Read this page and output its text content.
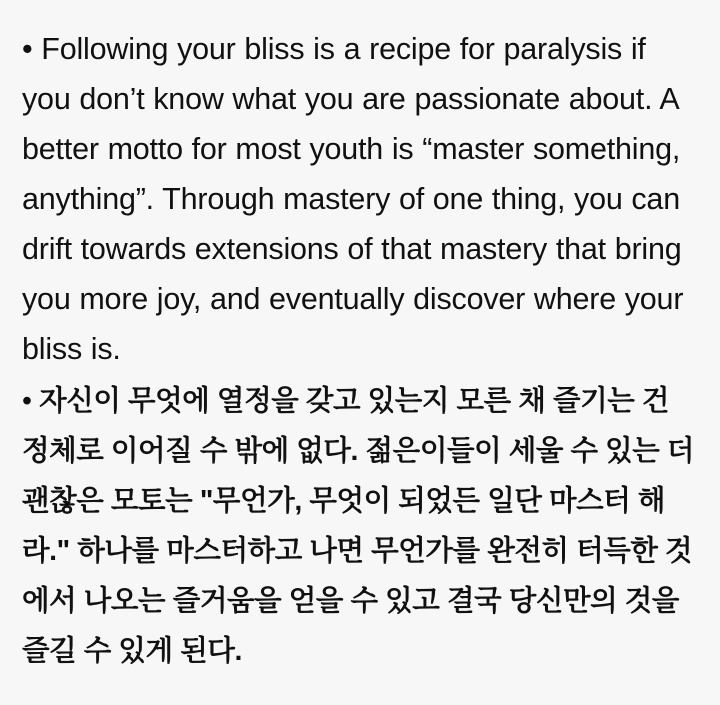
• Following your bliss is a recipe for paralysis if you don’t know what you are passionate about. A better motto for most youth is “master something, anything”. Through mastery of one thing, you can drift towards extensions of that mastery that bring you more joy, and eventually discover where your bliss is.

• 자신이 무엇에 열정을 갖고 있는지 모른 채 즐기는 건 정체로 이어질 수 밖에 없다. 젊은이들이 세울 수 있는 더 괜찮은 모토는 "무언가, 무엇이 되었든 일단 마스터 해라." 하나를 마스터하고 나면 무언가를 완전히 터득한 것에서 나오는 즐거움을 얻을 수 있고 결국 당신만의 것을 즐길 수 있게 된다.
